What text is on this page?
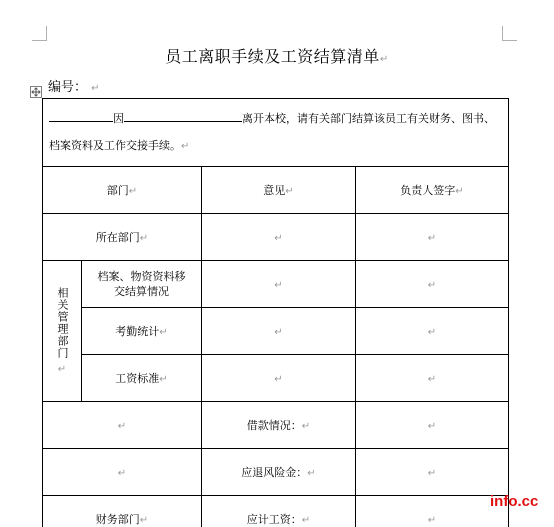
员工离职手续及工资结算清单↵
编号： ↵
因 离开本校，请有关部门结算该员工有关财务、图书、
档案资料及工作交接手续。↵			

部门↵		意见↵	负责人签字↵
所在部门↵		↵	↵
相关管理部门
↵	档案、物资资料移交结算情况	↵	↵
	考勤统计↵	↵	↵
	工资标准↵	↵	↵
↵		借款情况：↵	↵
↵		应退风险金：↵	↵
财务部门↵		应计工资：↵	↵
info.cc
